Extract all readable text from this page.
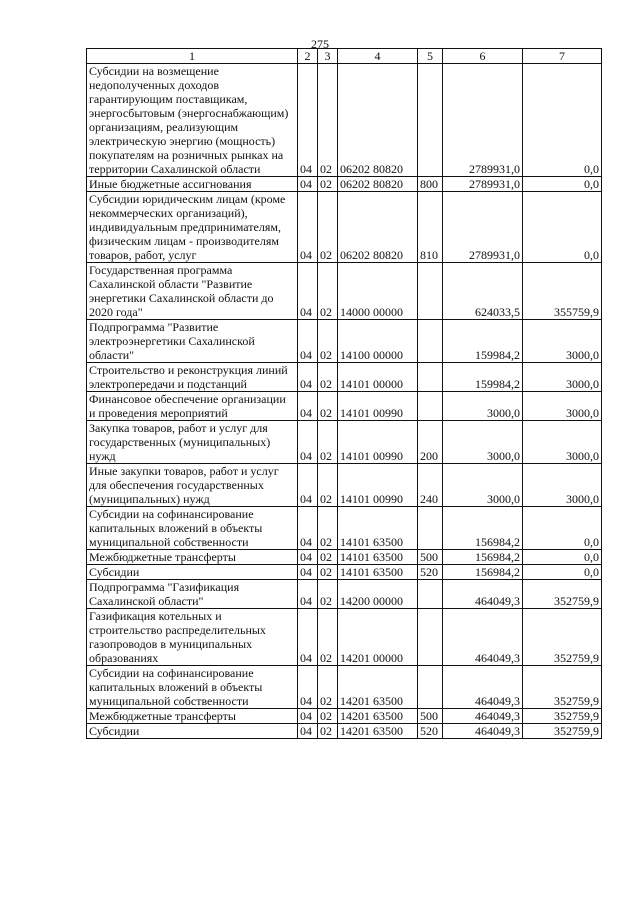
275
1	2	3	4	5	6	7
Субсидии на возмещение недополученных доходов гарантирующим поставщикам, энергосбытовым (энергоснабжающим) организациям, реализующим электрическую энергию (мощность) покупателям на розничных рынках на территории Сахалинской области	04	02	06202 80820		2789931,0	0,0
Иные бюджетные ассигнования	04	02	06202 80820	800	2789931,0	0,0
Субсидии юридическим лицам (кроме некоммерческих организаций), индивидуальным предпринимателям, физическим лицам - производителям товаров, работ, услуг	04	02	06202 80820	810	2789931,0	0,0
Государственная программа Сахалинской области "Развитие энергетики Сахалинской области до 2020 года"	04	02	14000 00000		624033,5	355759,9
Подпрограмма "Развитие электроэнергетики Сахалинской области"	04	02	14100 00000		159984,2	3000,0
Строительство и реконструкция линий электропередачи и подстанций	04	02	14101 00000		159984,2	3000,0
Финансовое обеспечение организации и проведения мероприятий	04	02	14101 00990		3000,0	3000,0
Закупка товаров, работ и услуг для государственных (муниципальных) нужд	04	02	14101 00990	200	3000,0	3000,0
Иные закупки товаров, работ и услуг для обеспечения государственных (муниципальных) нужд	04	02	14101 00990	240	3000,0	3000,0
Субсидии на софинансирование капитальных вложений в объекты муниципальной собственности	04	02	14101 63500		156984,2	0,0
Межбюджетные трансферты	04	02	14101 63500	500	156984,2	0,0
Субсидии	04	02	14101 63500	520	156984,2	0,0
Подпрограмма "Газификация Сахалинской области"	04	02	14200 00000		464049,3	352759,9
Газификация котельных и строительство распределительных газопроводов в муниципальных образованиях	04	02	14201 00000		464049,3	352759,9
Субсидии на софинансирование капитальных вложений в объекты муниципальной собственности	04	02	14201 63500		464049,3	352759,9
Межбюджетные трансферты	04	02	14201 63500	500	464049,3	352759,9
Субсидии	04	02	14201 63500	520	464049,3	352759,9
